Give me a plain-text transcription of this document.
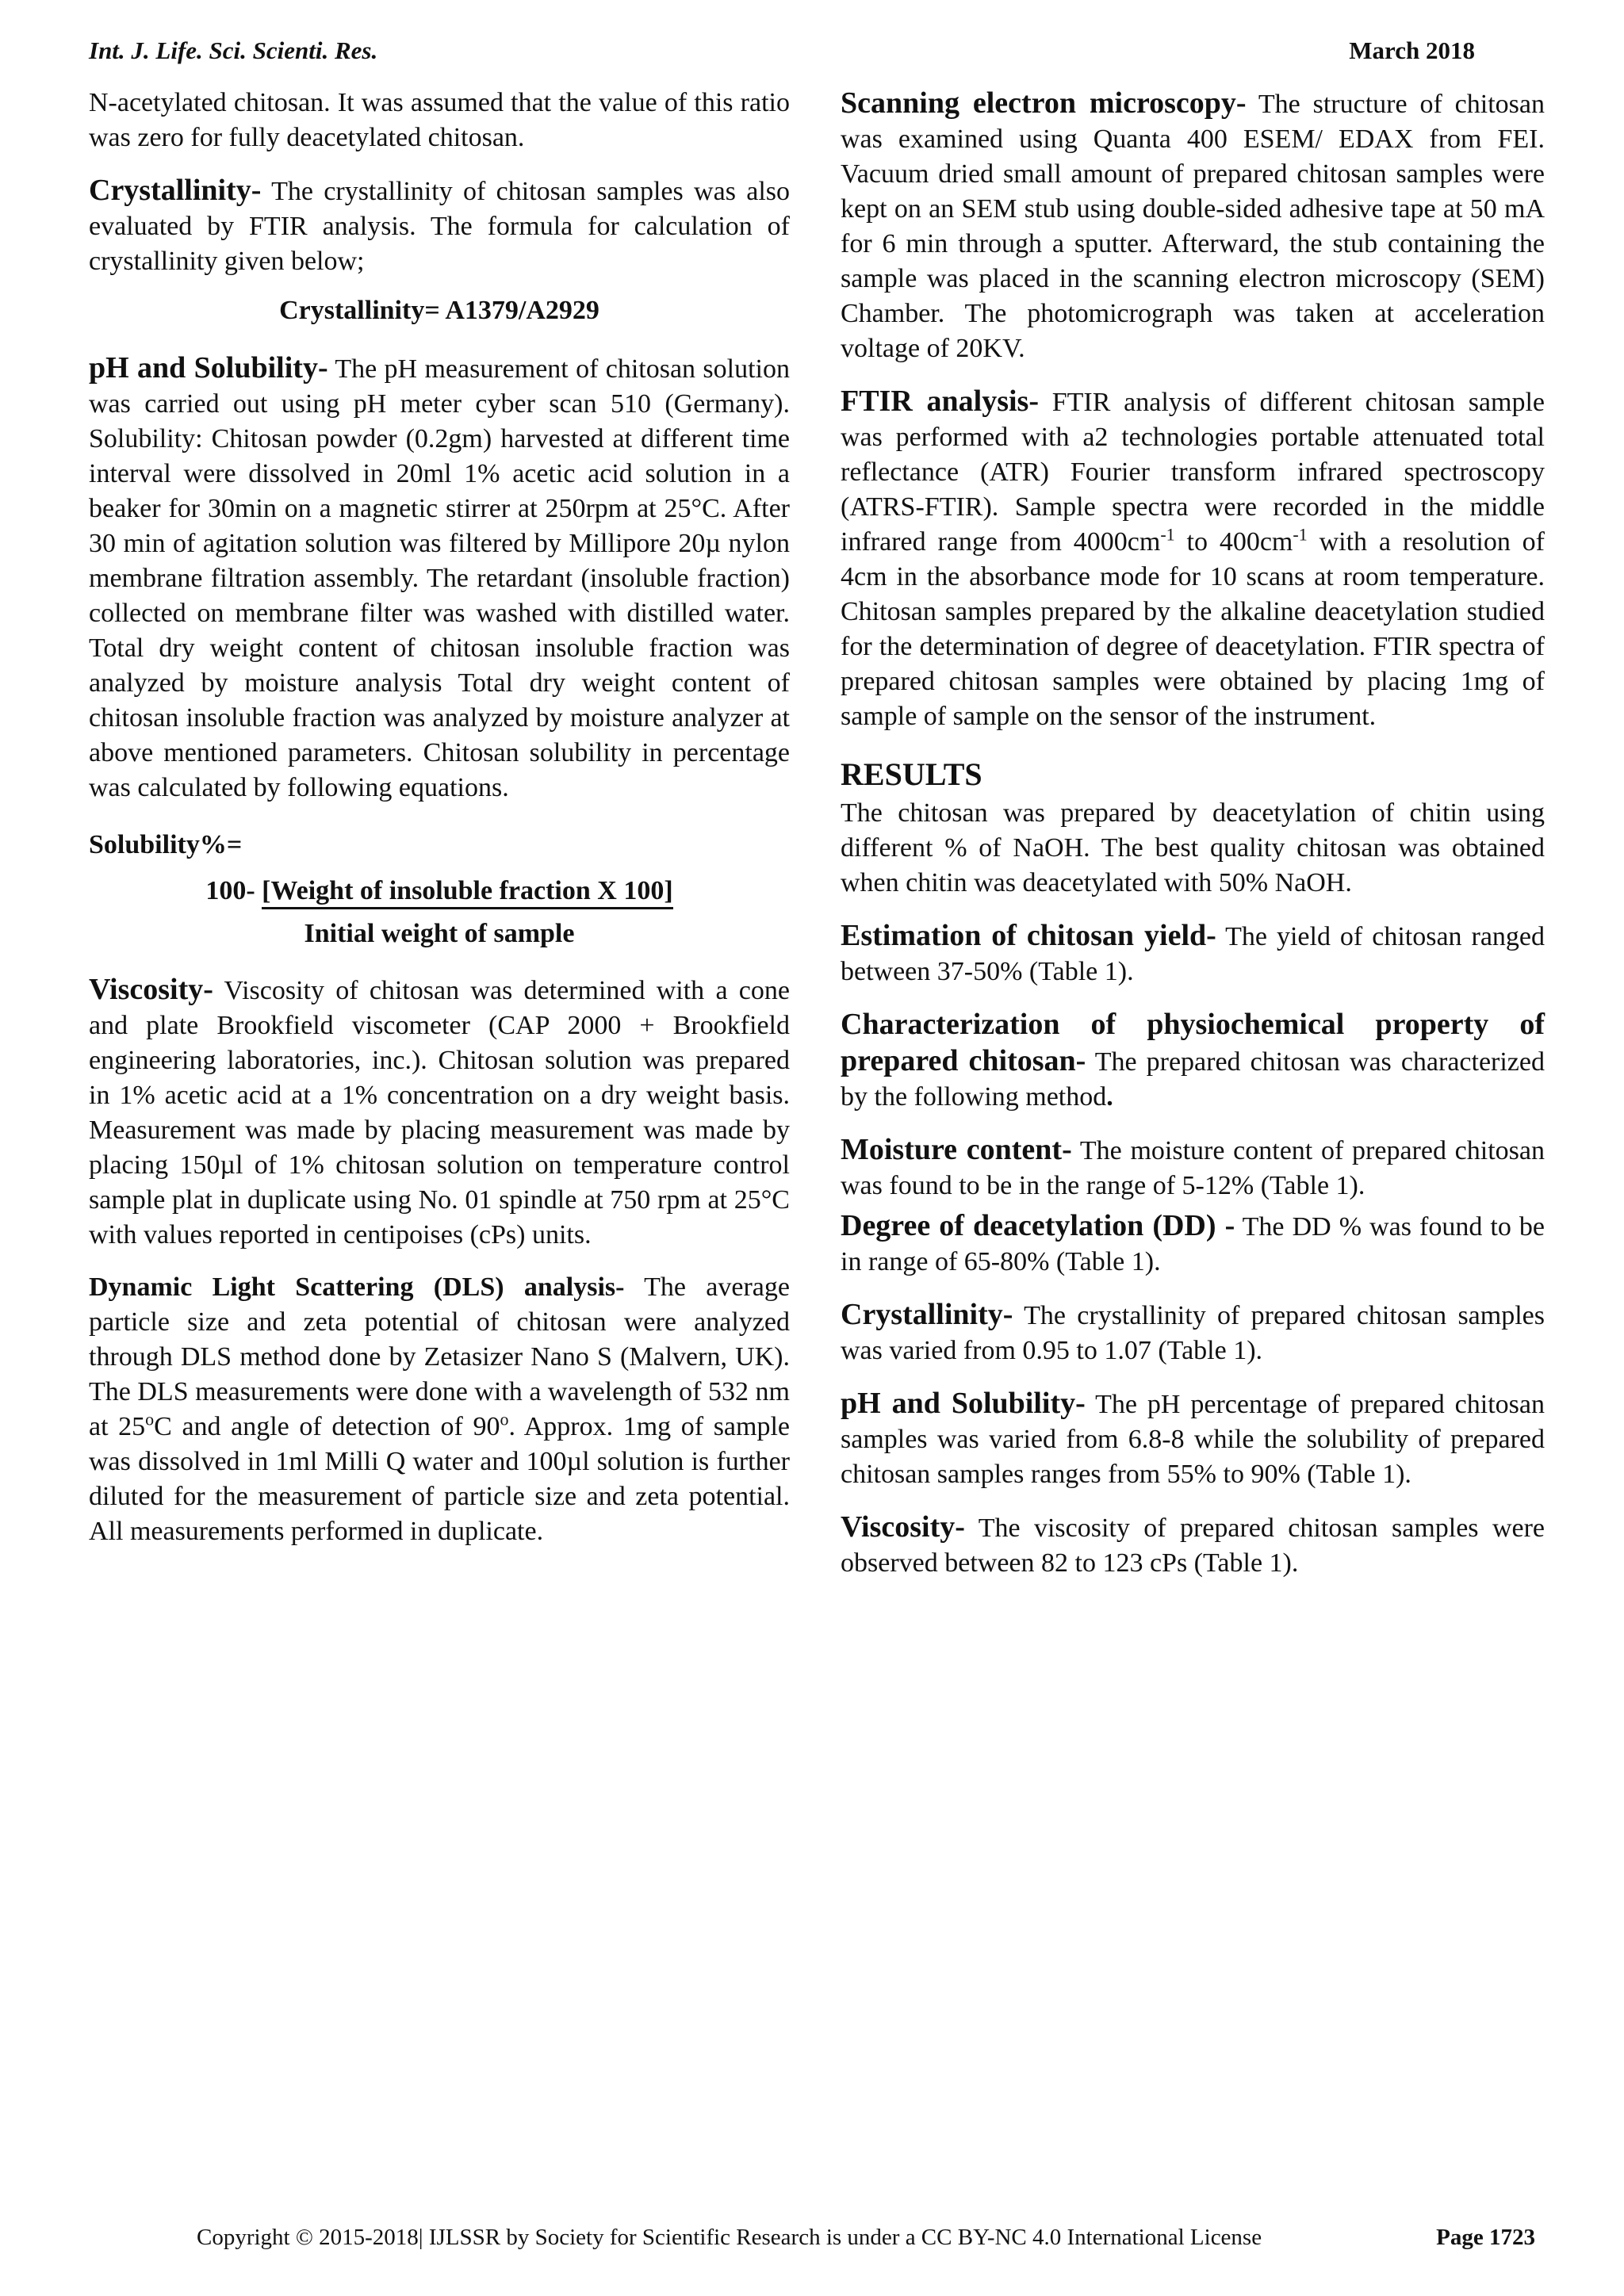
Int. J. Life. Sci. Scienti. Res.	March 2018

N-acetylated chitosan. It was assumed that the value of this ratio was zero for fully deacetylated chitosan.

Crystallinity- The crystallinity of chitosan samples was also evaluated by FTIR analysis. The formula for calculation of crystallinity given below;

Crystallinity= A1379/A2929

pH and Solubility- The pH measurement of chitosan solution was carried out using pH meter cyber scan 510 (Germany). Solubility: Chitosan powder (0.2gm) harvested at different time interval were dissolved in 20ml 1% acetic acid solution in a beaker for 30min on a magnetic stirrer at 250rpm at 25°C. After 30 min of agitation solution was filtered by Millipore 20µ nylon membrane filtration assembly. The retardant (insoluble fraction) collected on membrane filter was washed with distilled water. Total dry weight content of chitosan insoluble fraction was analyzed by moisture analysis Total dry weight content of chitosan insoluble fraction was analyzed by moisture analyzer at above mentioned parameters. Chitosan solubility in percentage was calculated by following equations.

Solubility%=
100- [Weight of insoluble fraction X 100]
Initial weight of sample

Viscosity- Viscosity of chitosan was determined with a cone and plate Brookfield viscometer (CAP 2000 + Brookfield engineering laboratories, inc.). Chitosan solution was prepared in 1% acetic acid at a 1% concentration on a dry weight basis. Measurement was made by placing measurement was made by placing 150µl of 1% chitosan solution on temperature control sample plat in duplicate using No. 01 spindle at 750 rpm at 25°C with values reported in centipoises (cPs) units.

Dynamic Light Scattering (DLS) analysis- The average particle size and zeta potential of chitosan were analyzed through DLS method done by Zetasizer Nano S (Malvern, UK). The DLS measurements were done with a wavelength of 532 nm at 25$^o$C and angle of detection of 90$^o$. Approx. 1mg of sample was dissolved in 1ml Milli Q water and 100µl solution is further diluted for the measurement of particle size and zeta potential. All measurements performed in duplicate.

Scanning electron microscopy- The structure of chitosan was examined using Quanta 400 ESEM/ EDAX from FEI. Vacuum dried small amount of prepared chitosan samples were kept on an SEM stub using double-sided adhesive tape at 50 mA for 6 min through a sputter. Afterward, the stub containing the sample was placed in the scanning electron microscopy (SEM) Chamber. The photomicrograph was taken at acceleration voltage of 20KV.

FTIR analysis- FTIR analysis of different chitosan sample was performed with a2 technologies portable attenuated total reflectance (ATR) Fourier transform infrared spectroscopy (ATRS-FTIR). Sample spectra were recorded in the middle infrared range from $4000cm^{-1}$ to $400cm^{-1}$ with a resolution of 4cm in the absorbance mode for 10 scans at room temperature. Chitosan samples prepared by the alkaline deacetylation studied for the determination of degree of deacetylation. FTIR spectra of prepared chitosan samples were obtained by placing 1mg of sample of sample on the sensor of the instrument.

RESULTS

The chitosan was prepared by deacetylation of chitin using different % of NaOH. The best quality chitosan was obtained when chitin was deacetylated with 50% NaOH.

Estimation of chitosan yield- The yield of chitosan ranged between 37-50% (Table 1).

Characterization of physiochemical property of prepared chitosan- The prepared chitosan was characterized by the following method.

Moisture content- The moisture content of prepared chitosan was found to be in the range of 5-12% (Table 1).

Degree of deacetylation (DD) - The DD % was found to be in range of 65-80% (Table 1).

Crystallinity- The crystallinity of prepared chitosan samples was varied from 0.95 to 1.07 (Table 1).

pH and Solubility- The pH percentage of prepared chitosan samples was varied from 6.8-8 while the solubility of prepared chitosan samples ranges from 55% to 90% (Table 1).

Viscosity- The viscosity of prepared chitosan samples were observed between 82 to 123 cPs (Table 1).

Copyright © 2015-2018| IJLSSR by Society for Scientific Research is under a CC BY-NC 4.0 International License	Page 1723
